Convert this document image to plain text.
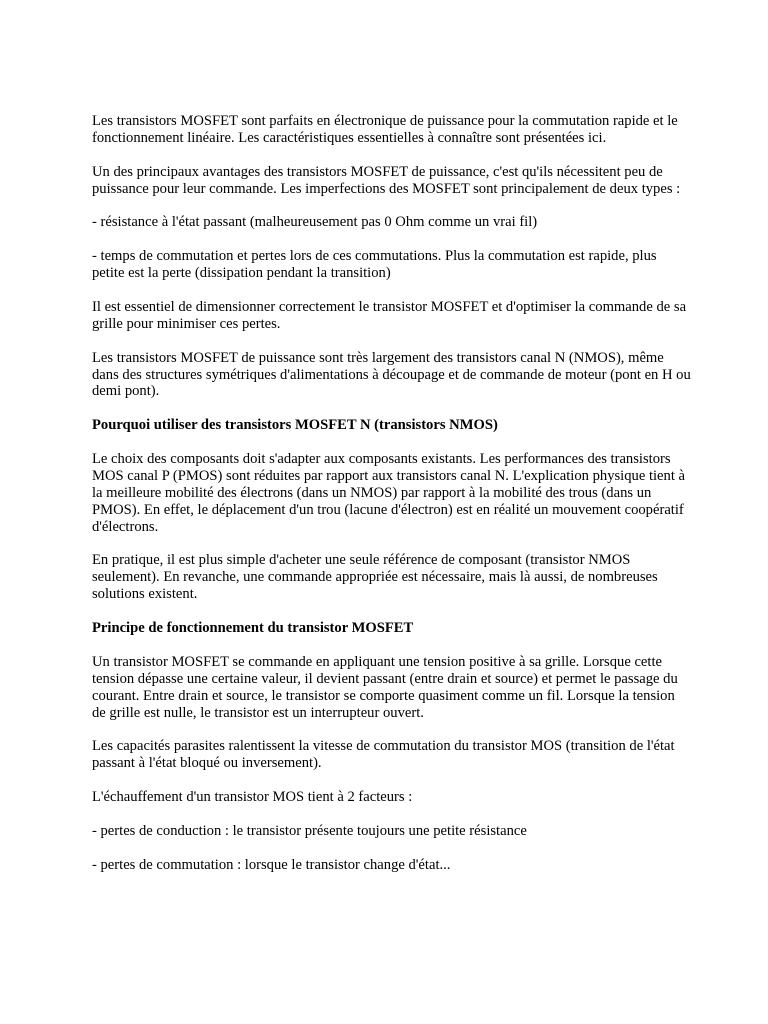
Les transistors MOSFET sont parfaits en électronique de puissance pour la commutation rapide et le fonctionnement linéaire. Les caractéristiques essentielles à connaître sont présentées ici.

Un des principaux avantages des transistors MOSFET de puissance, c'est qu'ils nécessitent peu de puissance pour leur commande. Les imperfections des MOSFET sont principalement de deux types :

- résistance à l'état passant (malheureusement pas 0 Ohm comme un vrai fil)

- temps de commutation et pertes lors de ces commutations. Plus la commutation est rapide, plus petite est la perte (dissipation pendant la transition)

Il est essentiel de dimensionner correctement le transistor MOSFET et d'optimiser la commande de sa grille pour minimiser ces pertes.

Les transistors MOSFET de puissance sont très largement des transistors canal N (NMOS), même dans des structures symétriques d'alimentations à découpage et de commande de moteur (pont en H ou demi pont).

Pourquoi utiliser des transistors MOSFET N (transistors NMOS)

Le choix des composants doit s'adapter aux composants existants. Les performances des transistors MOS canal P (PMOS) sont réduites par rapport aux transistors canal N. L'explication physique tient à la meilleure mobilité des électrons (dans un NMOS) par rapport à la mobilité des trous (dans un PMOS). En effet, le déplacement d'un trou (lacune d'électron) est en réalité un mouvement coopératif d'électrons.

En pratique, il est plus simple d'acheter une seule référence de composant (transistor NMOS seulement). En revanche, une commande appropriée est nécessaire, mais là aussi, de nombreuses solutions existent.

Principe de fonctionnement du transistor MOSFET

Un transistor MOSFET se commande en appliquant une tension positive à sa grille. Lorsque cette tension dépasse une certaine valeur, il devient passant (entre drain et source) et permet le passage du courant. Entre drain et source, le transistor se comporte quasiment comme un fil. Lorsque la tension de grille est nulle, le transistor est un interrupteur ouvert.

Les capacités parasites ralentissent la vitesse de commutation du transistor MOS (transition de l'état passant à l'état bloqué ou inversement).

L'échauffement d'un transistor MOS tient à 2 facteurs :

- pertes de conduction : le transistor présente toujours une petite résistance

- pertes de commutation : lorsque le transistor change d'état...
